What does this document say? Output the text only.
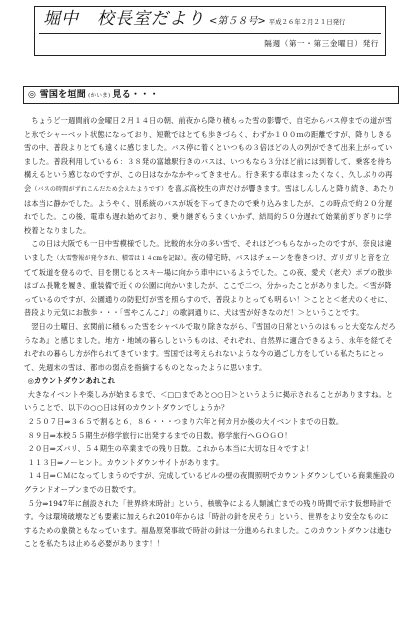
堀中　校長室だより <第５８号> 平成２６年２月２１日発行
隔週（第一・第三金曜日）発行
◎ 雪国を垣間 (かいま) 見る・・・

ちょうど一週間前の金曜日２月１４日の朝、前夜から降り積もった雪の影響で、自宅からバス停までの道が雪と氷でシャーベット状態になっており、短靴ではとても歩きづらく、わずか１００ｍの距離ですが、降りしきる雪の中、普段よりとても遠くに感じました。バス停に着くといつもの３倍ほどの人の列ができて出来上がっていました。普段利用している６：３８発の富雄駅行きのバスは、いつもなら３分ほど前には到着して、乗客を待ち構えるという感じなのですが、この日はなかなかやってきません。行き来する車はまったくなく、久しぶりの再会（バスの時間がずれこんだため会えたようです）を喜ぶ高校生の声だけが響きます。雪はしんしんと降り続き、あたりは本当に静かでした。ようやく、別系統のバスが坂を下ってきたので乗り込みましたが、この時点で約２０分遅れでした。この後、電車も遅れ始めており、乗り継ぎもうまくいかず、結局約５０分遅れて始業前ぎりぎりに学校着となりました。

この日は大阪でも一日中雪模様でした。比較的水分の多い雪で、それほどつもらなかったのですが、奈良は違いました（大雪警報が発令され、積雪は１４cmを記録）。夜の帰宅時、バスはチェーンを巻きつけ、ガリガリと音を立てて坂道を登るので、目を閉じるとスキー場に向かう車中にいるようでした。この夜、愛犬（老犬）ポプの散歩はゴム長靴を履き、重装備で近くの公園に向かいましたが、ここで二つ、分かったことがありました。＜雪が降っているのですが、公園通りの防犯灯が雪を照らすので、普段よりとっても明るい！＞ことと＜老犬のくせに、普段より元気にお散歩・・・「雪やこんこ♪」の歌詞通りに、犬は雪が好きなのだ！＞ということです。

翌日の土曜日、玄関前に積もった雪をシャベルで取り除きながら、『雪国の日常というのはもっと大変なんだろうなあ』と感じました。地方・地域の暮らしというものは、それぞれ、自然界に適合できるよう、永年を経てそれぞれの暮らし方が作られてきています。雪国では考えられないような今の過ごし方をしている私たちにとって、先週末の雪は、都市の弱点を指摘するものとなったように思います。

◎カウントダウンあれこれ

大きなイベントや楽しみが始まるまで、＜□□まであと○○日＞というように掲示されることがありますね。ということで、以下の○○日は何のカウントダウンでしょうか？

２５０７日⇒３６５で割ると６．８６・・・つまり六年と何カ月か後の大イベントまでの日数。

８９日⇒本校５５期生が修学旅行に出発するまでの日数。修学旅行へＧＯＧＯ！

２０日⇒ズバリ、５４期生の卒業までの残り日数。これから本当に大切な日々ですよ！

１１３日⇒ノーヒント。カウントダウンサイトがあります。

１４日⇒ＣＭになってしまうのですが、完成しているビルの壁の夜間照明でカウントダウンしている商業施設のグランドオープンまでの日数です。

５分⇒1947年に創設された「世界終末時計」という、核戦争による人類滅亡までの残り時間で示す仮想時計です。今は環境破壊なども要素に加えられ2010年からは「時計の針を戻そう」という、世界をより安全なものにするための象徴ともなっています。福島原発事故で時計の針は一分進められました。このカウントダウンは進むことを私たちは止める必要があります！！
